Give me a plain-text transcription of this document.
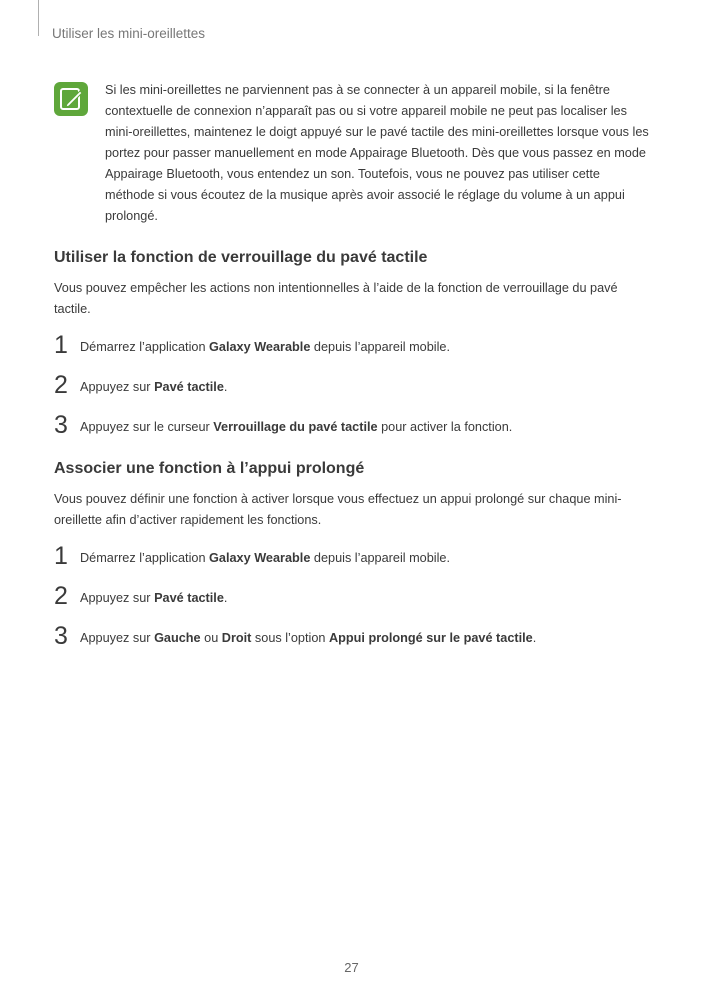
Utiliser les mini-oreillettes
Si les mini-oreillettes ne parviennent pas à se connecter à un appareil mobile, si la fenêtre contextuelle de connexion n’apparaît pas ou si votre appareil mobile ne peut pas localiser les mini-oreillettes, maintenez le doigt appuyé sur le pavé tactile des mini-oreillettes lorsque vous les portez pour passer manuellement en mode Appairage Bluetooth. Dès que vous passez en mode Appairage Bluetooth, vous entendez un son. Toutefois, vous ne pouvez pas utiliser cette méthode si vous écoutez de la musique après avoir associé le réglage du volume à un appui prolongé.
Utiliser la fonction de verrouillage du pavé tactile

Vous pouvez empêcher les actions non intentionnelles à l’aide de la fonction de verrouillage du pavé tactile.

1 Démarrez l’application Galaxy Wearable depuis l’appareil mobile.
2 Appuyez sur Pavé tactile.
3 Appuyez sur le curseur Verrouillage du pavé tactile pour activer la fonction.
Associer une fonction à l’appui prolongé

Vous pouvez définir une fonction à activer lorsque vous effectuez un appui prolongé sur chaque mini-oreillette afin d’activer rapidement les fonctions.

1 Démarrez l’application Galaxy Wearable depuis l’appareil mobile.
2 Appuyez sur Pavé tactile.
3 Appuyez sur Gauche ou Droit sous l’option Appui prolongé sur le pavé tactile.
27
